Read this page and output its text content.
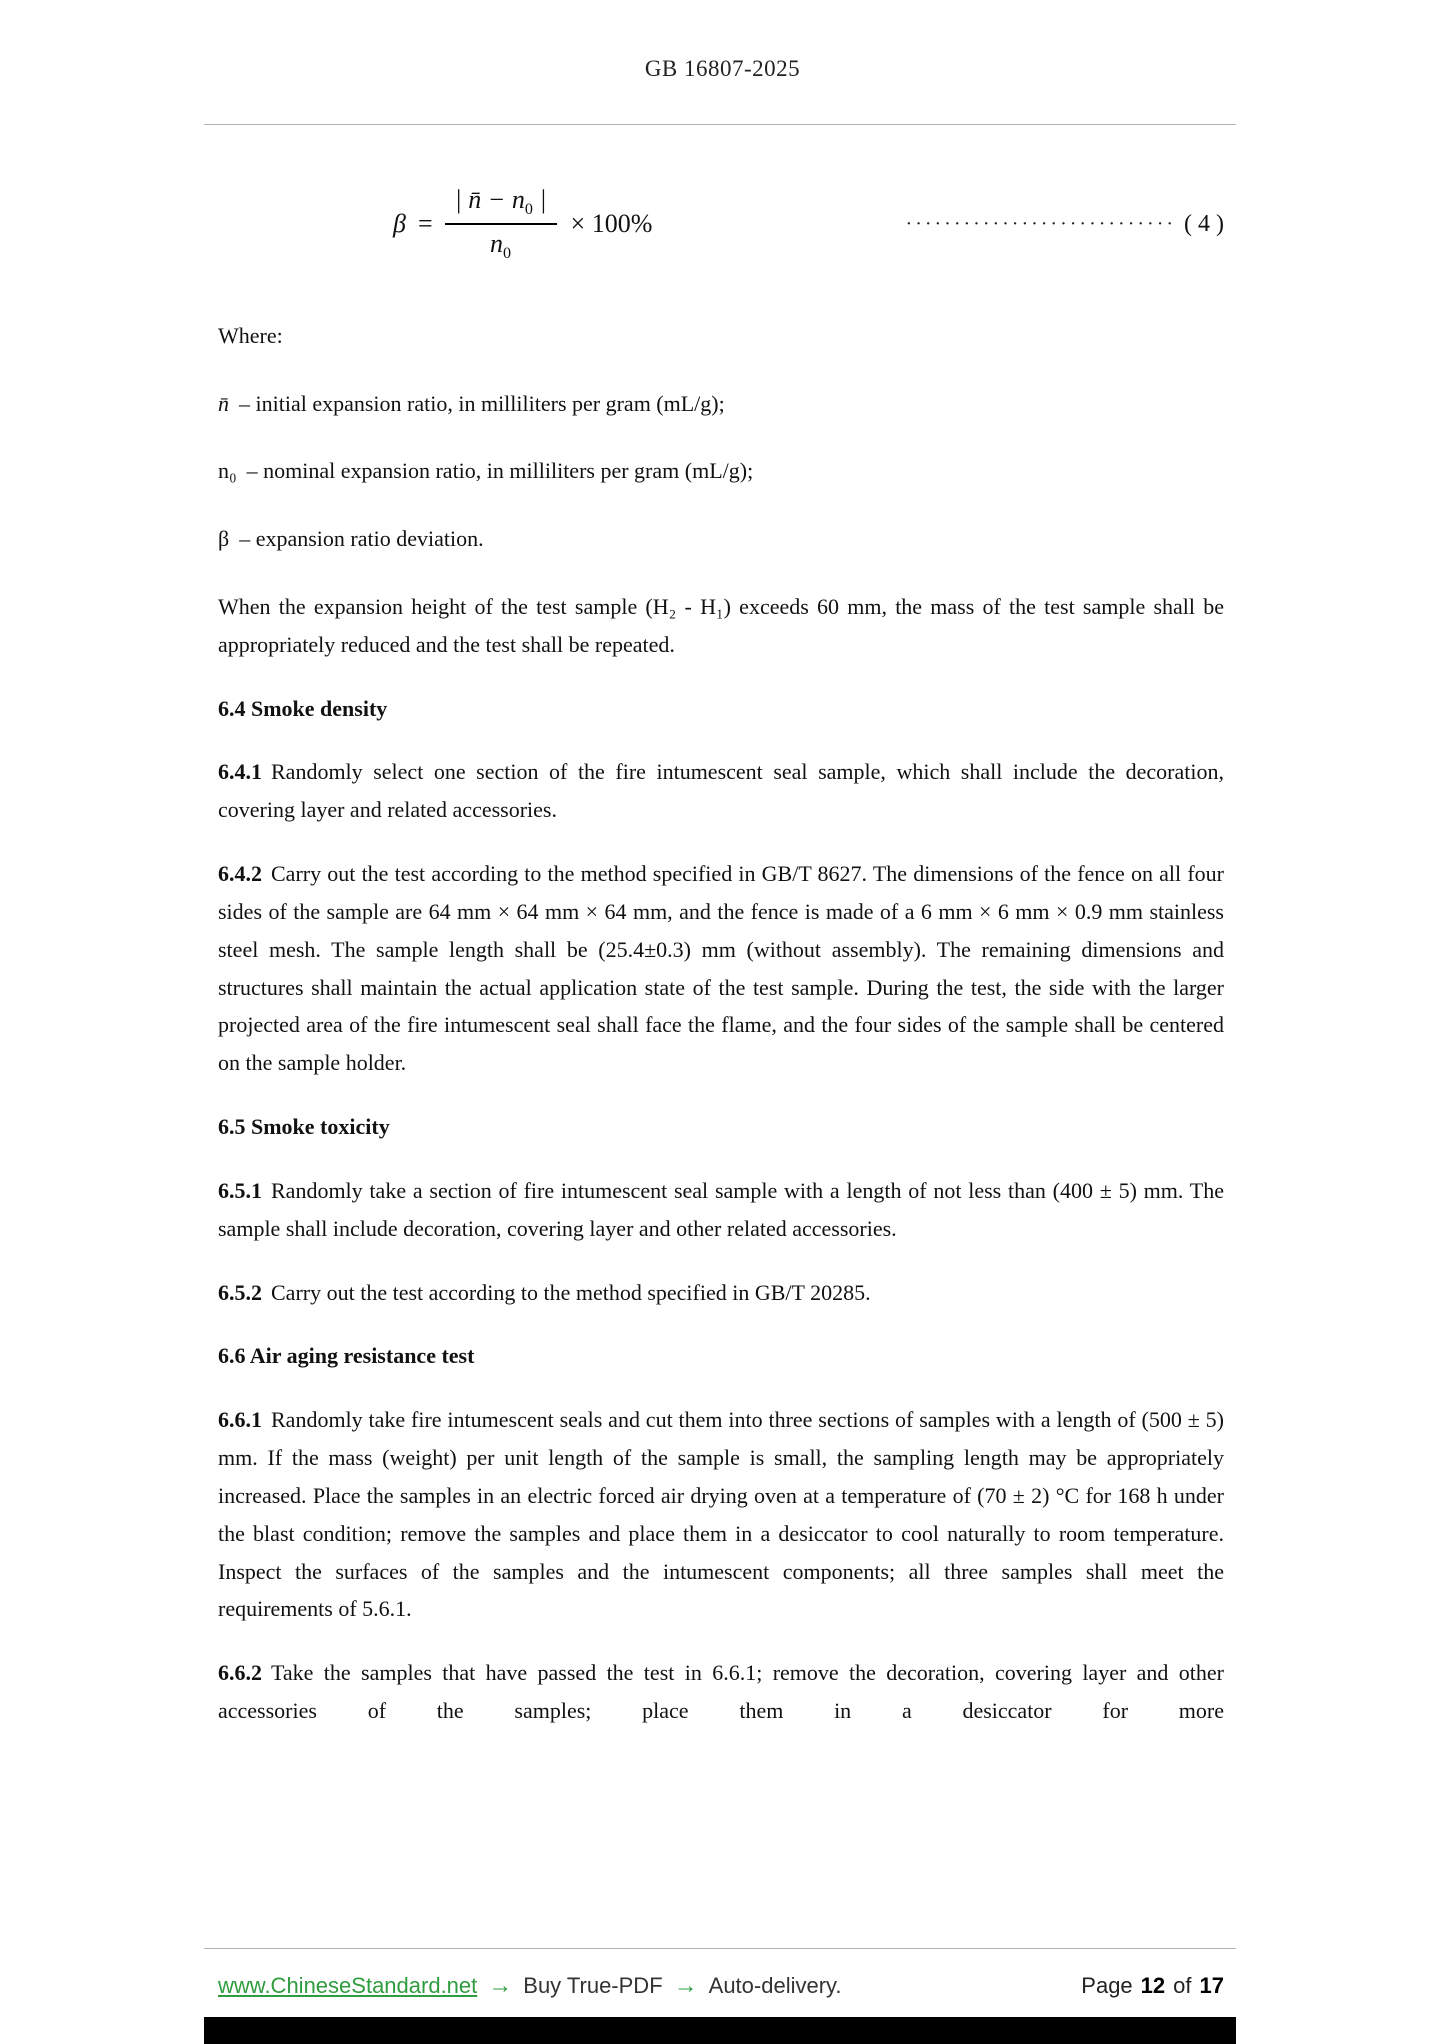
GB 16807-2025
$\beta = \frac{| n̄ - n_0 |}{n_0} \times 100\%$	···························· ( 4 )

Where:

n̄ – initial expansion ratio, in milliliters per gram (mL/g);

n₀ – nominal expansion ratio, in milliliters per gram (mL/g);

β – expansion ratio deviation.

When the expansion height of the test sample (H₂ - H₁) exceeds 60 mm, the mass of the test sample shall be appropriately reduced and the test shall be repeated.

6.4 Smoke density

6.4.1 Randomly select one section of the fire intumescent seal sample, which shall include the decoration, covering layer and related accessories.

6.4.2 Carry out the test according to the method specified in GB/T 8627. The dimensions of the fence on all four sides of the sample are 64 mm × 64 mm × 64 mm, and the fence is made of a 6 mm × 6 mm × 0.9 mm stainless steel mesh. The sample length shall be (25.4±0.3) mm (without assembly). The remaining dimensions and structures shall maintain the actual application state of the test sample. During the test, the side with the larger projected area of the fire intumescent seal shall face the flame, and the four sides of the sample shall be centered on the sample holder.

6.5 Smoke toxicity

6.5.1 Randomly take a section of fire intumescent seal sample with a length of not less than (400 ± 5) mm. The sample shall include decoration, covering layer and other related accessories.

6.5.2 Carry out the test according to the method specified in GB/T 20285.

6.6 Air aging resistance test

6.6.1 Randomly take fire intumescent seals and cut them into three sections of samples with a length of (500 ± 5) mm. If the mass (weight) per unit length of the sample is small, the sampling length may be appropriately increased. Place the samples in an electric forced air drying oven at a temperature of (70 ± 2) °C for 168 h under the blast condition; remove the samples and place them in a desiccator to cool naturally to room temperature. Inspect the surfaces of the samples and the intumescent components; all three samples shall meet the requirements of 5.6.1.

6.6.2 Take the samples that have passed the test in 6.6.1; remove the decoration, covering layer and other accessories of the samples; place them in a desiccator for more

www.ChineseStandard.net → Buy True-PDF → Auto-delivery.	Page 12 of 17
